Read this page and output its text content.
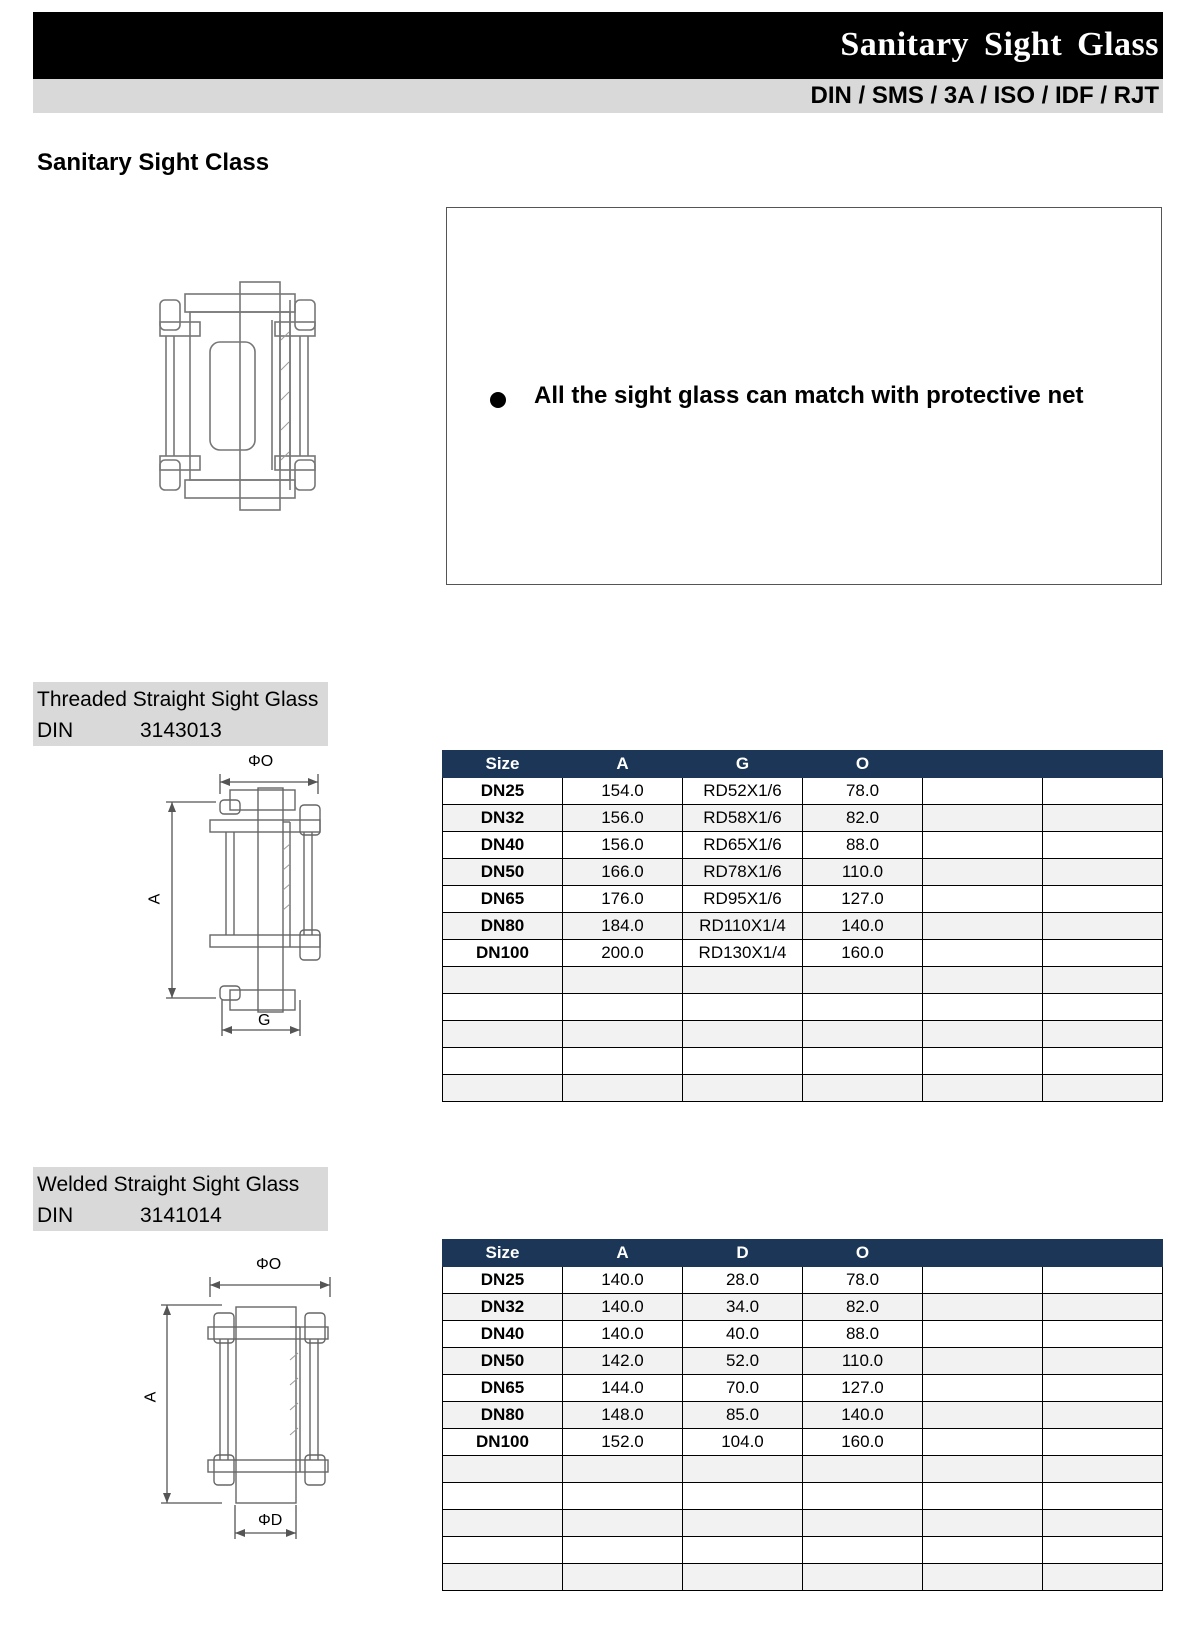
Sanitary Sight Glass
DIN / SMS / 3A / ISO / IDF / RJT
Sanitary Sight Class
All the sight glass can match with protective net
Threaded Straight Sight Glass
DIN	3143013
ΦO
A
G
Size	A	G	O		
DN25	154.0	RD52X1/6	78.0		
DN32	156.0	RD58X1/6	82.0		
DN40	156.0	RD65X1/6	88.0		
DN50	166.0	RD78X1/6	110.0		
DN65	176.0	RD95X1/6	127.0		
DN80	184.0	RD110X1/4	140.0		
DN100	200.0	RD130X1/4	160.0		

Welded Straight Sight Glass
DIN	3141014
ΦO
A
ΦD
Size	A	D	O		
DN25	140.0	28.0	78.0		
DN32	140.0	34.0	82.0		
DN40	140.0	40.0	88.0		
DN50	142.0	52.0	110.0		
DN65	144.0	70.0	127.0		
DN80	148.0	85.0	140.0		
DN100	152.0	104.0	160.0		
